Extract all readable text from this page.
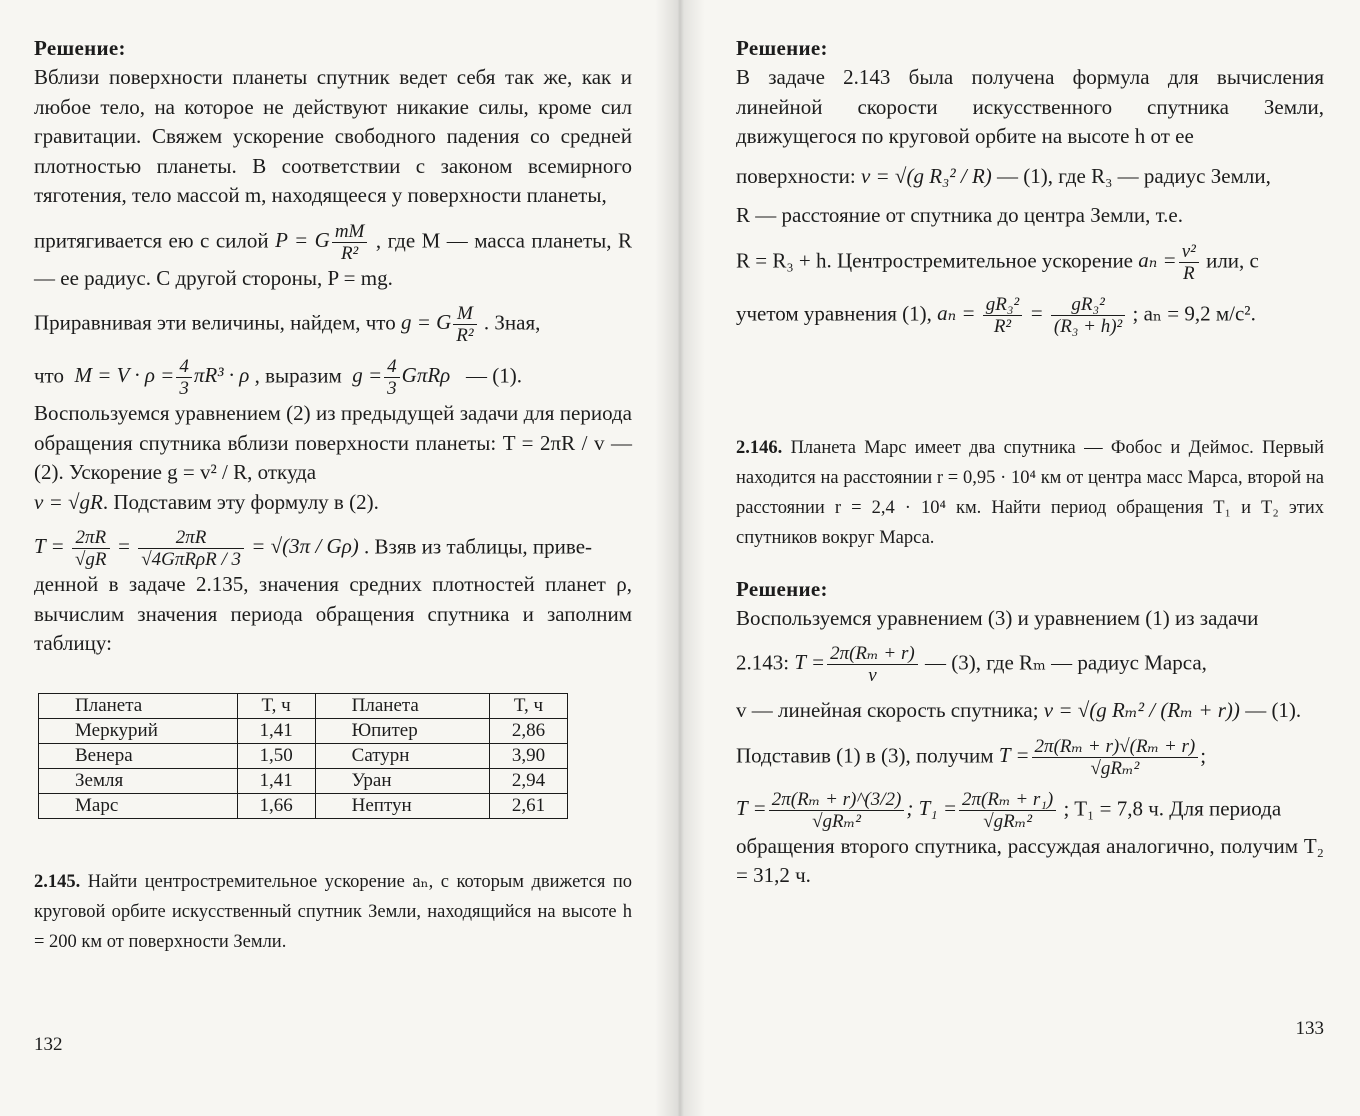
Решение:

Вблизи поверхности планеты спутник ведет себя так же, как и любое тело, на которое не действуют никакие силы, кроме сил гравитации. Свяжем ускорение свободного падения со средней плотностью планеты. В соответствии с законом всемирного тяготения, тело массой m, находящееся у поверхности планеты,

притягивается ею с силой P = G $\frac{mM}{\text{R²}}$ , где M — масса планеты, R — ее радиус. С другой стороны, P = mg.

Приравнивая эти величины, найдем, что g = G $\frac{M}{\text{R²}}$ . Зная,

что $M = V \cdot \rho = \frac{4}{3} \pi R^3 \cdot \rho$ , выразим $g = \frac{4}{3}$ GπRρ — (1).

Воспользуемся уравнением (2) из предыдущей задачи для периода обращения спутника вблизи поверхности планеты: T = 2πR / v — (2). Ускорение g = v² / R, откуда

v = √gR. Подставим эту формулу в (2).

$T = \frac{2\pi R}{√gR} = \frac{2\pi R}{\text{√4GπRρR / 3}} = √(3\pi / G\rho)$ . Взяв из таблицы, приве-

денной в задаче 2.135, значения средних плотностей планет ρ, вычислим значения периода обращения спутника и заполним таблицу:

Планета	T, ч	Планета	T, ч
Меркурий	1,41	Юпитер	2,86
Венера	1,50	Сатурн	3,90
Земля	1,41	Уран	2,94
Марс	1,66	Нептун	2,61

2.145. Найти центростремительное ускорение aₙ, с которым движется по круговой орбите искусственный спутник Земли, находящийся на высоте h = 200 км от поверхности Земли.

132
Решение:

В задаче 2.143 была получена формула для вычисления линейной скорости искусственного спутника Земли, движущегося по круговой орбите на высоте h от ее

поверхности: v = √(g R₃² / R) — (1), где R₃ — радиус Земли,

R — расстояние от спутника до центра Земли, т.е.

R = R₃ + h. Центростремительное ускорение $a_n = \frac{\text{v²}}{R}$ или, с

учетом уравнения (1), $a_n = \frac{\text{gR₃²}}{\text{R²}} = \frac{\text{gR₃²}}{\text{(R₃ + h)²}}$ ; aₙ = 9,2 м/с².

2.146. Планета Марс имеет два спутника — Фобос и Деймос. Первый находится на расстоянии r = 0,95 · 10⁴ км от центра масс Марса, второй на расстоянии r = 2,4 · 10⁴ км. Найти период обращения T₁ и T₂ этих спутников вокруг Марса.

Решение:

Воспользуемся уравнением (3) и уравнением (1) из задачи

2.143: $T = \frac{\text{2π(Rₘ + r)}}{v}$ — (3), где Rₘ — радиус Марса,

v — линейная скорость спутника; v = √(g Rₘ² / (Rₘ + r)) — (1).

Подставив (1) в (3), получим $T = \frac{\text{2π(Rₘ + r)√(Rₘ + r)}}{\text{√gRₘ²}}$ ;

$T = \frac{\text{2π(Rₘ + r)\textasciicircum{}(3/2)}}{\text{√gRₘ²}}$ ; $T_1 = \frac{\text{2π(Rₘ + r₁)}}{\text{√gRₘ²}}$ ; T₁ = 7,8 ч. Для периода

обращения второго спутника, рассуждая аналогично, получим T₂ = 31,2 ч.

133
